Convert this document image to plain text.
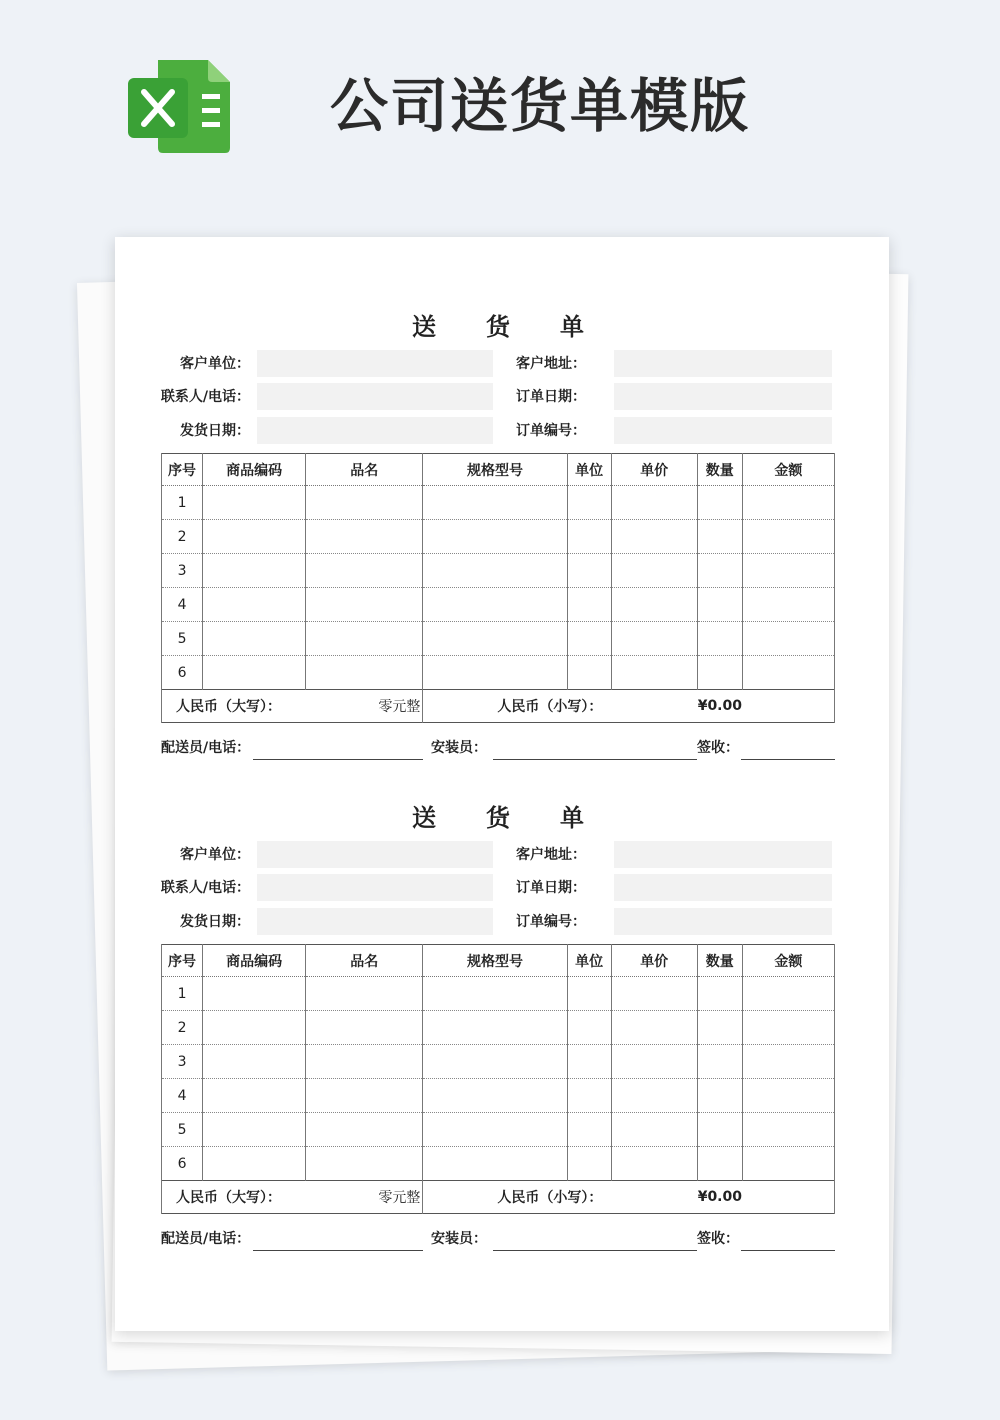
公司送货单模版
送 货 单
客户单位：	客户地址：
联系人/电话：	订单日期：
发货日期：	订单编号：
序号	商品编码	品名	规格型号	单位	单价	数量	金额
1							
2							
3							
4							
5							
6							
人民币（大写）：		零元整	人民币（小写）：		¥0.00		
配送员/电话：	安装员：	签收：
送 货 单
客户单位：	客户地址：
联系人/电话：	订单日期：
发货日期：	订单编号：
序号	商品编码	品名	规格型号	单位	单价	数量	金额
1							
2							
3							
4							
5							
6							
人民币（大写）：		零元整	人民币（小写）：		¥0.00		
配送员/电话：	安装员：	签收：
